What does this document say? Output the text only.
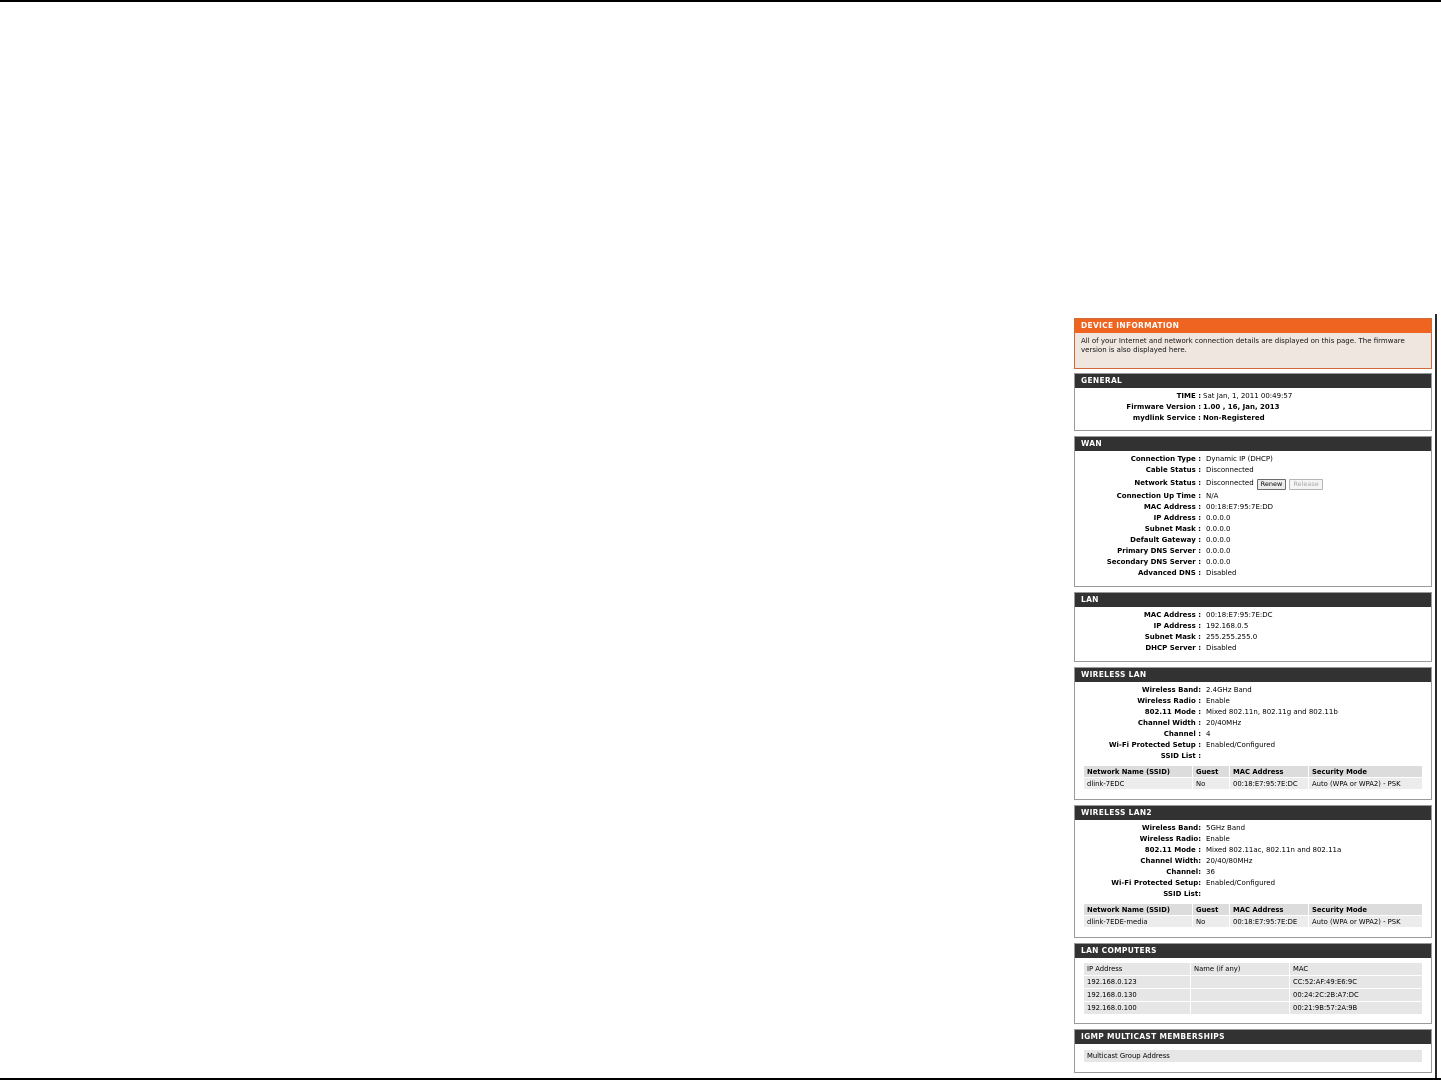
DEVICE INFORMATION
All of your Internet and network connection details are displayed on this page. The firmware version is also displayed here.
GENERAL
TIME : Sat Jan, 1, 2011 00:49:57
Firmware Version : 1.00 , 16, Jan, 2013
mydlink Service : Non-Registered
WAN
Connection Type : Dynamic IP (DHCP)
Cable Status : Disconnected
Network Status : Disconnected Renew Release
Connection Up Time : N/A
MAC Address : 00:18:E7:95:7E:DD
IP Address : 0.0.0.0
Subnet Mask : 0.0.0.0
Default Gateway : 0.0.0.0
Primary DNS Server : 0.0.0.0
Secondary DNS Server : 0.0.0.0
Advanced DNS : Disabled
LAN
MAC Address : 00:18:E7:95:7E:DC
IP Address : 192.168.0.5
Subnet Mask : 255.255.255.0
DHCP Server : Disabled
WIRELESS LAN
Wireless Band: 2.4GHz Band
Wireless Radio : Enable
802.11 Mode : Mixed 802.11n, 802.11g and 802.11b
Channel Width : 20/40MHz
Channel : 4
Wi-Fi Protected Setup : Enabled/Configured
SSID List :
Network Name (SSID)	Guest	MAC Address	Security Mode
dlink-7EDC	No	00:18:E7:95:7E:DC	Auto (WPA or WPA2) - PSK
WIRELESS LAN2
Wireless Band: 5GHz Band
Wireless Radio: Enable
802.11 Mode : Mixed 802.11ac, 802.11n and 802.11a
Channel Width: 20/40/80MHz
Channel: 36
Wi-Fi Protected Setup: Enabled/Configured
SSID List:
Network Name (SSID)	Guest	MAC Address	Security Mode
dlink-7EDE-media	No	00:18:E7:95:7E:DE	Auto (WPA or WPA2) - PSK
LAN COMPUTERS
IP Address	Name (if any)	MAC
192.168.0.123		CC:52:AF:49:E6:9C
192.168.0.130		00:24:2C:2B:A7:DC
192.168.0.100		00:21:9B:57:2A:9B
IGMP MULTICAST MEMBERSHIPS
Multicast Group Address
